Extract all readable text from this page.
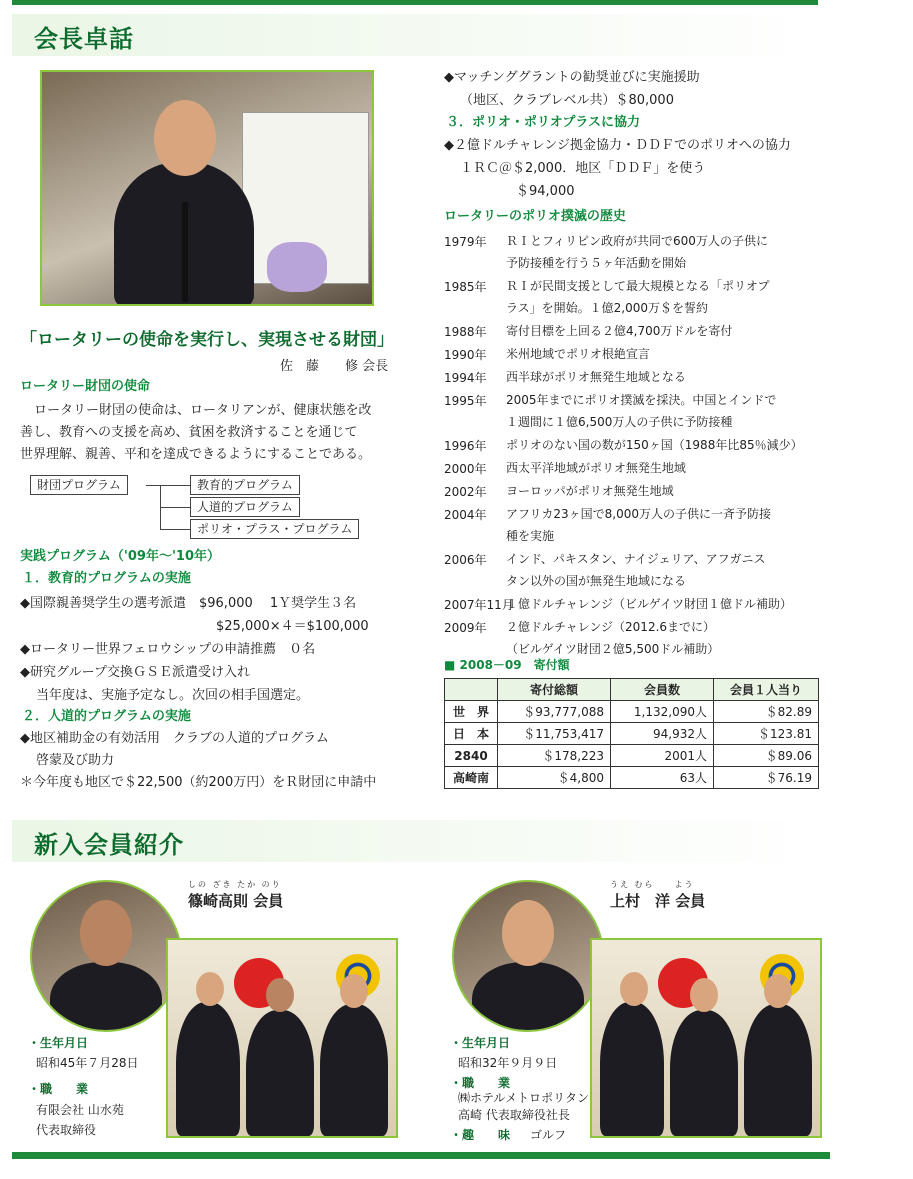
会長卓話
「ロータリーの使命を実行し、実現させる財団」
佐　藤　　修 会長
ロータリー財団の使命
ロータリー財団の使命は、ロータリアンが、健康状態を改
善し、教育への支援を高め、貧困を救済することを通じて
世界理解、親善、平和を達成できるようにすることである。
財団プログラム	教育的プログラム
人道的プログラム
ポリオ・プラス・プログラム
実践プログラム（'09年～'10年）
１．教育的プログラムの実施
◆国際親善奨学生の選考派遣　$96,000　 1Ｙ奨学生３名
$25,000×４＝$100,000
◆ロータリー世界フェロウシップの申請推薦　０名
◆研究グループ交換ＧＳＥ派遣受け入れ
当年度は、実施予定なし。次回の相手国選定。
２．人道的プログラムの実施
◆地区補助金の有効活用　クラブの人道的プログラム
啓蒙及び助力
＊今年度も地区で＄22,500（約200万円）をＲ財団に申請中
◆マッチンググラントの勧奨並びに実施援助
（地区、クラブレベル共）＄80,000
３．ポリオ・ポリオプラスに協力
◆２億ドルチャレンジ拠金協力・ＤＤＦでのポリオへの協力
１ＲＣ＠＄2,000．地区「ＤＤＦ」を使う
＄94,000
ロータリーのポリオ撲滅の歴史
1979年 ＲＩとフィリピン政府が共同で600万人の子供に
予防接種を行う５ヶ年活動を開始
1985年 ＲＩが民間支援として最大規模となる「ポリオプ
ラス」を開始。１億2,000万＄を誓約
1988年 寄付目標を上回る２億4,700万ドルを寄付
1990年 米州地域でポリオ根絶宣言
1994年 西半球がポリオ無発生地域となる
1995年 2005年までにポリオ撲滅を採決。中国とインドで
１週間に１億6,500万人の子供に予防接種
1996年 ポリオのない国の数が150ヶ国（1988年比85％減少）
2000年 西太平洋地域がポリオ無発生地域
2002年 ヨーロッパがポリオ無発生地域
2004年 アフリカ23ヶ国で8,000万人の子供に一斉予防接
種を実施
2006年 インド、パキスタン、ナイジェリア、アフガニス
タン以外の国が無発生地域になる
2007年11月
１億ドルチャレンジ（ビルゲイツ財団１億ドル補助）
2009年 ２億ドルチャレンジ（2012.6までに）
（ビルゲイツ財団２億5,500ドル補助）
■ 2008－09　寄付額
	寄付総額	会員数	会員１人当り
世　界	＄93,777,088	1,132,090人	＄82.89
日　本	＄11,753,417	94,932人	＄123.81
2840	＄178,223	2001人	＄89.06
高崎南	＄4,800	63人	＄76.19
新入会員紹介
しの ざき たか のり
篠崎高則 会員
・生年月日
昭和45年７月28日
・職　　業
有限会社 山水苑
代表取締役
うえ むら　　よう
上村　洋 会員
・生年月日
昭和32年９月９日
・職　　業
㈱ホテルメトロポリタン
高崎 代表取締役社長
・趣　　味 ゴルフ
